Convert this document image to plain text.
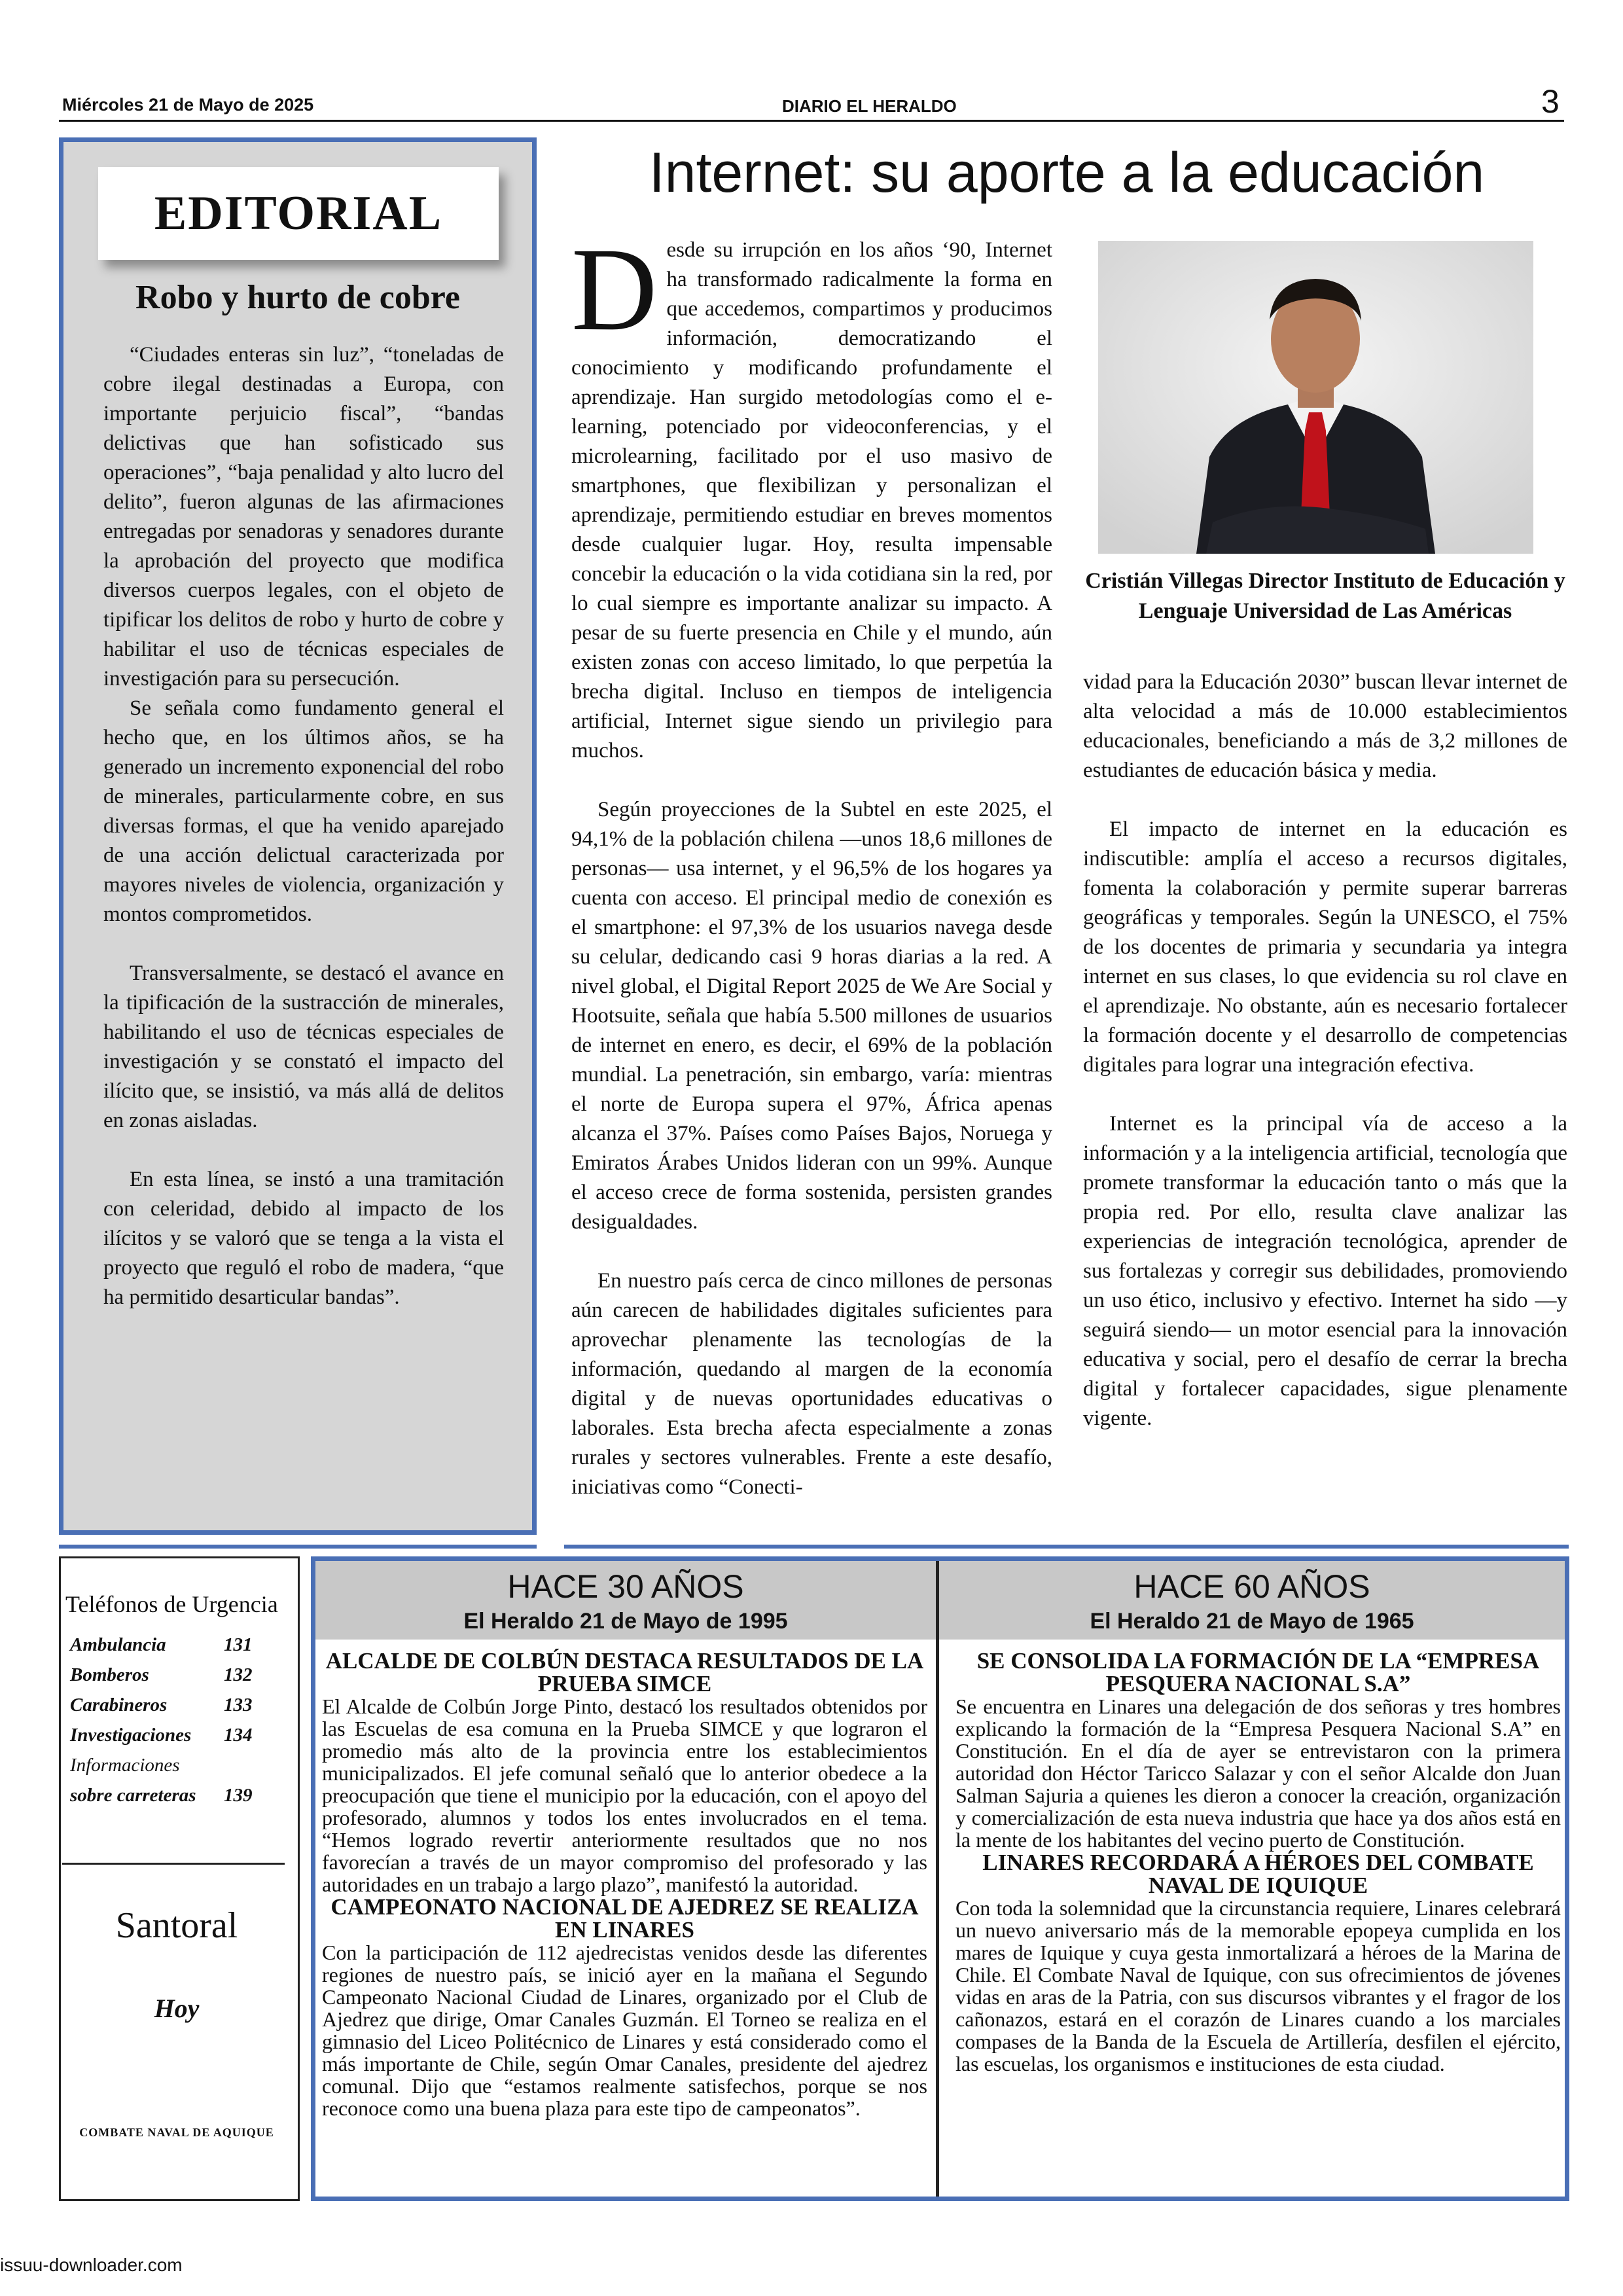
Miércoles 21 de Mayo de 2025	DIARIO EL HERALDO	3
EDITORIAL
Robo y hurto de cobre

“Ciudades enteras sin luz”, “toneladas de cobre ilegal destinadas a Europa, con importante perjuicio fiscal”, “bandas delictivas que han sofisticado sus operaciones”, “baja penalidad y alto lucro del delito”, fueron algunas de las afirmaciones entregadas por senadoras y senadores durante la aprobación del proyecto que modifica diversos cuerpos legales, con el objeto de tipificar los delitos de robo y hurto de cobre y habilitar el uso de técnicas especiales de investigación para su persecución.

Se señala como fundamento general el hecho que, en los últimos años, se ha generado un incremento exponencial del robo de minerales, particularmente cobre, en sus diversas formas, el que ha venido aparejado de una acción delictual caracterizada por mayores niveles de violencia, organización y montos comprometidos.

Transversalmente, se destacó el avance en la tipificación de la sustracción de minerales, habilitando el uso de técnicas especiales de investigación y se constató el impacto del ilícito que, se insistió, va más allá de delitos en zonas aisladas.

En esta línea, se instó a una tramitación con celeridad, debido al impacto de los ilícitos y se valoró que se tenga a la vista el proyecto que reguló el robo de madera, “que ha permitido desarticular bandas”.

Internet: su aporte a la educación

Desde su irrupción en los años ‘90, Internet ha transformado radicalmente la forma en que accedemos, compartimos y producimos información, democratizando el conocimiento y modificando profundamente el aprendizaje. Han surgido metodologías como el e-learning, potenciado por videoconferencias, y el microlearning, facilitado por el uso masivo de smartphones, que flexibilizan y personalizan el aprendizaje, permitiendo estudiar en breves momentos desde cualquier lugar. Hoy, resulta impensable concebir la educación o la vida cotidiana sin la red, por lo cual siempre es importante analizar su impacto. A pesar de su fuerte presencia en Chile y el mundo, aún existen zonas con acceso limitado, lo que perpetúa la brecha digital. Incluso en tiempos de inteligencia artificial, Internet sigue siendo un privilegio para muchos.

Según proyecciones de la Subtel en este 2025, el 94,1% de la población chilena —unos 18,6 millones de personas— usa internet, y el 96,5% de los hogares ya cuenta con acceso. El principal medio de conexión es el smartphone: el 97,3% de los usuarios navega desde su celular, dedicando casi 9 horas diarias a la red. A nivel global, el Digital Report 2025 de We Are Social y Hootsuite, señala que había 5.500 millones de usuarios de internet en enero, es decir, el 69% de la población mundial. La penetración, sin embargo, varía: mientras el norte de Europa supera el 97%, África apenas alcanza el 37%. Países como Países Bajos, Noruega y Emiratos Árabes Unidos lideran con un 99%. Aunque el acceso crece de forma sostenida, persisten grandes desigualdades.

En nuestro país cerca de cinco millones de personas aún carecen de habilidades digitales suficientes para aprovechar plenamente las tecnologías de la información, quedando al margen de la economía digital y de nuevas oportunidades educativas o laborales. Esta brecha afecta especialmente a zonas rurales y sectores vulnerables. Frente a este desafío, iniciativas como “Conecti-

Cristián Villegas Director Instituto de Educación y Lenguaje Universidad de Las Américas

vidad para la Educación 2030” buscan llevar internet de alta velocidad a más de 10.000 establecimientos educacionales, beneficiando a más de 3,2 millones de estudiantes de educación básica y media.

El impacto de internet en la educación es indiscutible: amplía el acceso a recursos digitales, fomenta la colaboración y permite superar barreras geográficas y temporales. Según la UNESCO, el 75% de los docentes de primaria y secundaria ya integra internet en sus clases, lo que evidencia su rol clave en el aprendizaje. No obstante, aún es necesario fortalecer la formación docente y el desarrollo de competencias digitales para lograr una integración efectiva.

Internet es la principal vía de acceso a la información y a la inteligencia artificial, tecnología que promete transformar la educación tanto o más que la propia red. Por ello, resulta clave analizar las experiencias de integración tecnológica, aprender de sus fortalezas y corregir sus debilidades, promoviendo un uso ético, inclusivo y efectivo. Internet ha sido —y seguirá siendo— un motor esencial para la innovación educativa y social, pero el desafío de cerrar la brecha digital y fortalecer capacidades, sigue plenamente vigente.

Teléfonos de Urgencia
Ambulancia	131
Bomberos	132
Carabineros	133
Investigaciones 134
Informaciones
sobre carreteras 139
Santoral
Hoy
COMBATE NAVAL DE AQUIQUE
HACE 30 AÑOS
El Heraldo 21 de Mayo de 1995
HACE 60 AÑOS
El Heraldo 21 de Mayo de 1965
ALCALDE DE COLBÚN DESTACA RESULTADOS DE LA PRUEBA SIMCE
El Alcalde de Colbún Jorge Pinto, destacó los resultados obtenidos por las Escuelas de esa comuna en la Prueba SIMCE y que lograron el promedio más alto de la provincia entre los establecimientos municipalizados. El jefe comunal señaló que lo anterior obedece a la preocupación que tiene el municipio por la educación, con el apoyo del profesorado, alumnos y todos los entes involucrados en el tema. “Hemos logrado revertir anteriormente resultados que no nos favorecían a través de un mayor compromiso del profesorado y las autoridades en un trabajo a largo plazo”, manifestó la autoridad.
CAMPEONATO NACIONAL DE AJEDREZ SE REALIZA EN LINARES
Con la participación de 112 ajedrecistas venidos desde las diferentes regiones de nuestro país, se inició ayer en la mañana el Segundo Campeonato Nacional Ciudad de Linares, organizado por el Club de Ajedrez que dirige, Omar Canales Guzmán. El Torneo se realiza en el gimnasio del Liceo Politécnico de Linares y está considerado como el más importante de Chile, según Omar Canales, presidente del ajedrez comunal. Dijo que “estamos realmente satisfechos, porque se nos reconoce como una buena plaza para este tipo de campeonatos”.
SE CONSOLIDA LA FORMACIÓN DE LA “EMPRESA PESQUERA NACIONAL S.A”
Se encuentra en Linares una delegación de dos señoras y tres hombres explicando la formación de la “Empresa Pesquera Nacional S.A” en Constitución. En el día de ayer se entrevistaron con la primera autoridad don Héctor Taricco Salazar y con el señor Alcalde don Juan Salman Sajuria a quienes les dieron a conocer la creación, organización y comercialización de esta nueva industria que hace ya dos años está en la mente de los habitantes del vecino puerto de Constitución.
LINARES RECORDARÁ A HÉROES DEL COMBATE NAVAL DE IQUIQUE
Con toda la solemnidad que la circunstancia requiere, Linares celebrará un nuevo aniversario más de la memorable epopeya cumplida en los mares de Iquique y cuya gesta inmortalizará a héroes de la Marina de Chile. El Combate Naval de Iquique, con sus ofrecimientos de jóvenes vidas en aras de la Patria, con sus discursos vibrantes y el fragor de los cañonazos, estará en el corazón de Linares cuando a los marciales compases de la Banda de la Escuela de Artillería, desfilen el ejército, las escuelas, los organismos e instituciones de esta ciudad.
issuu-downloader.com
